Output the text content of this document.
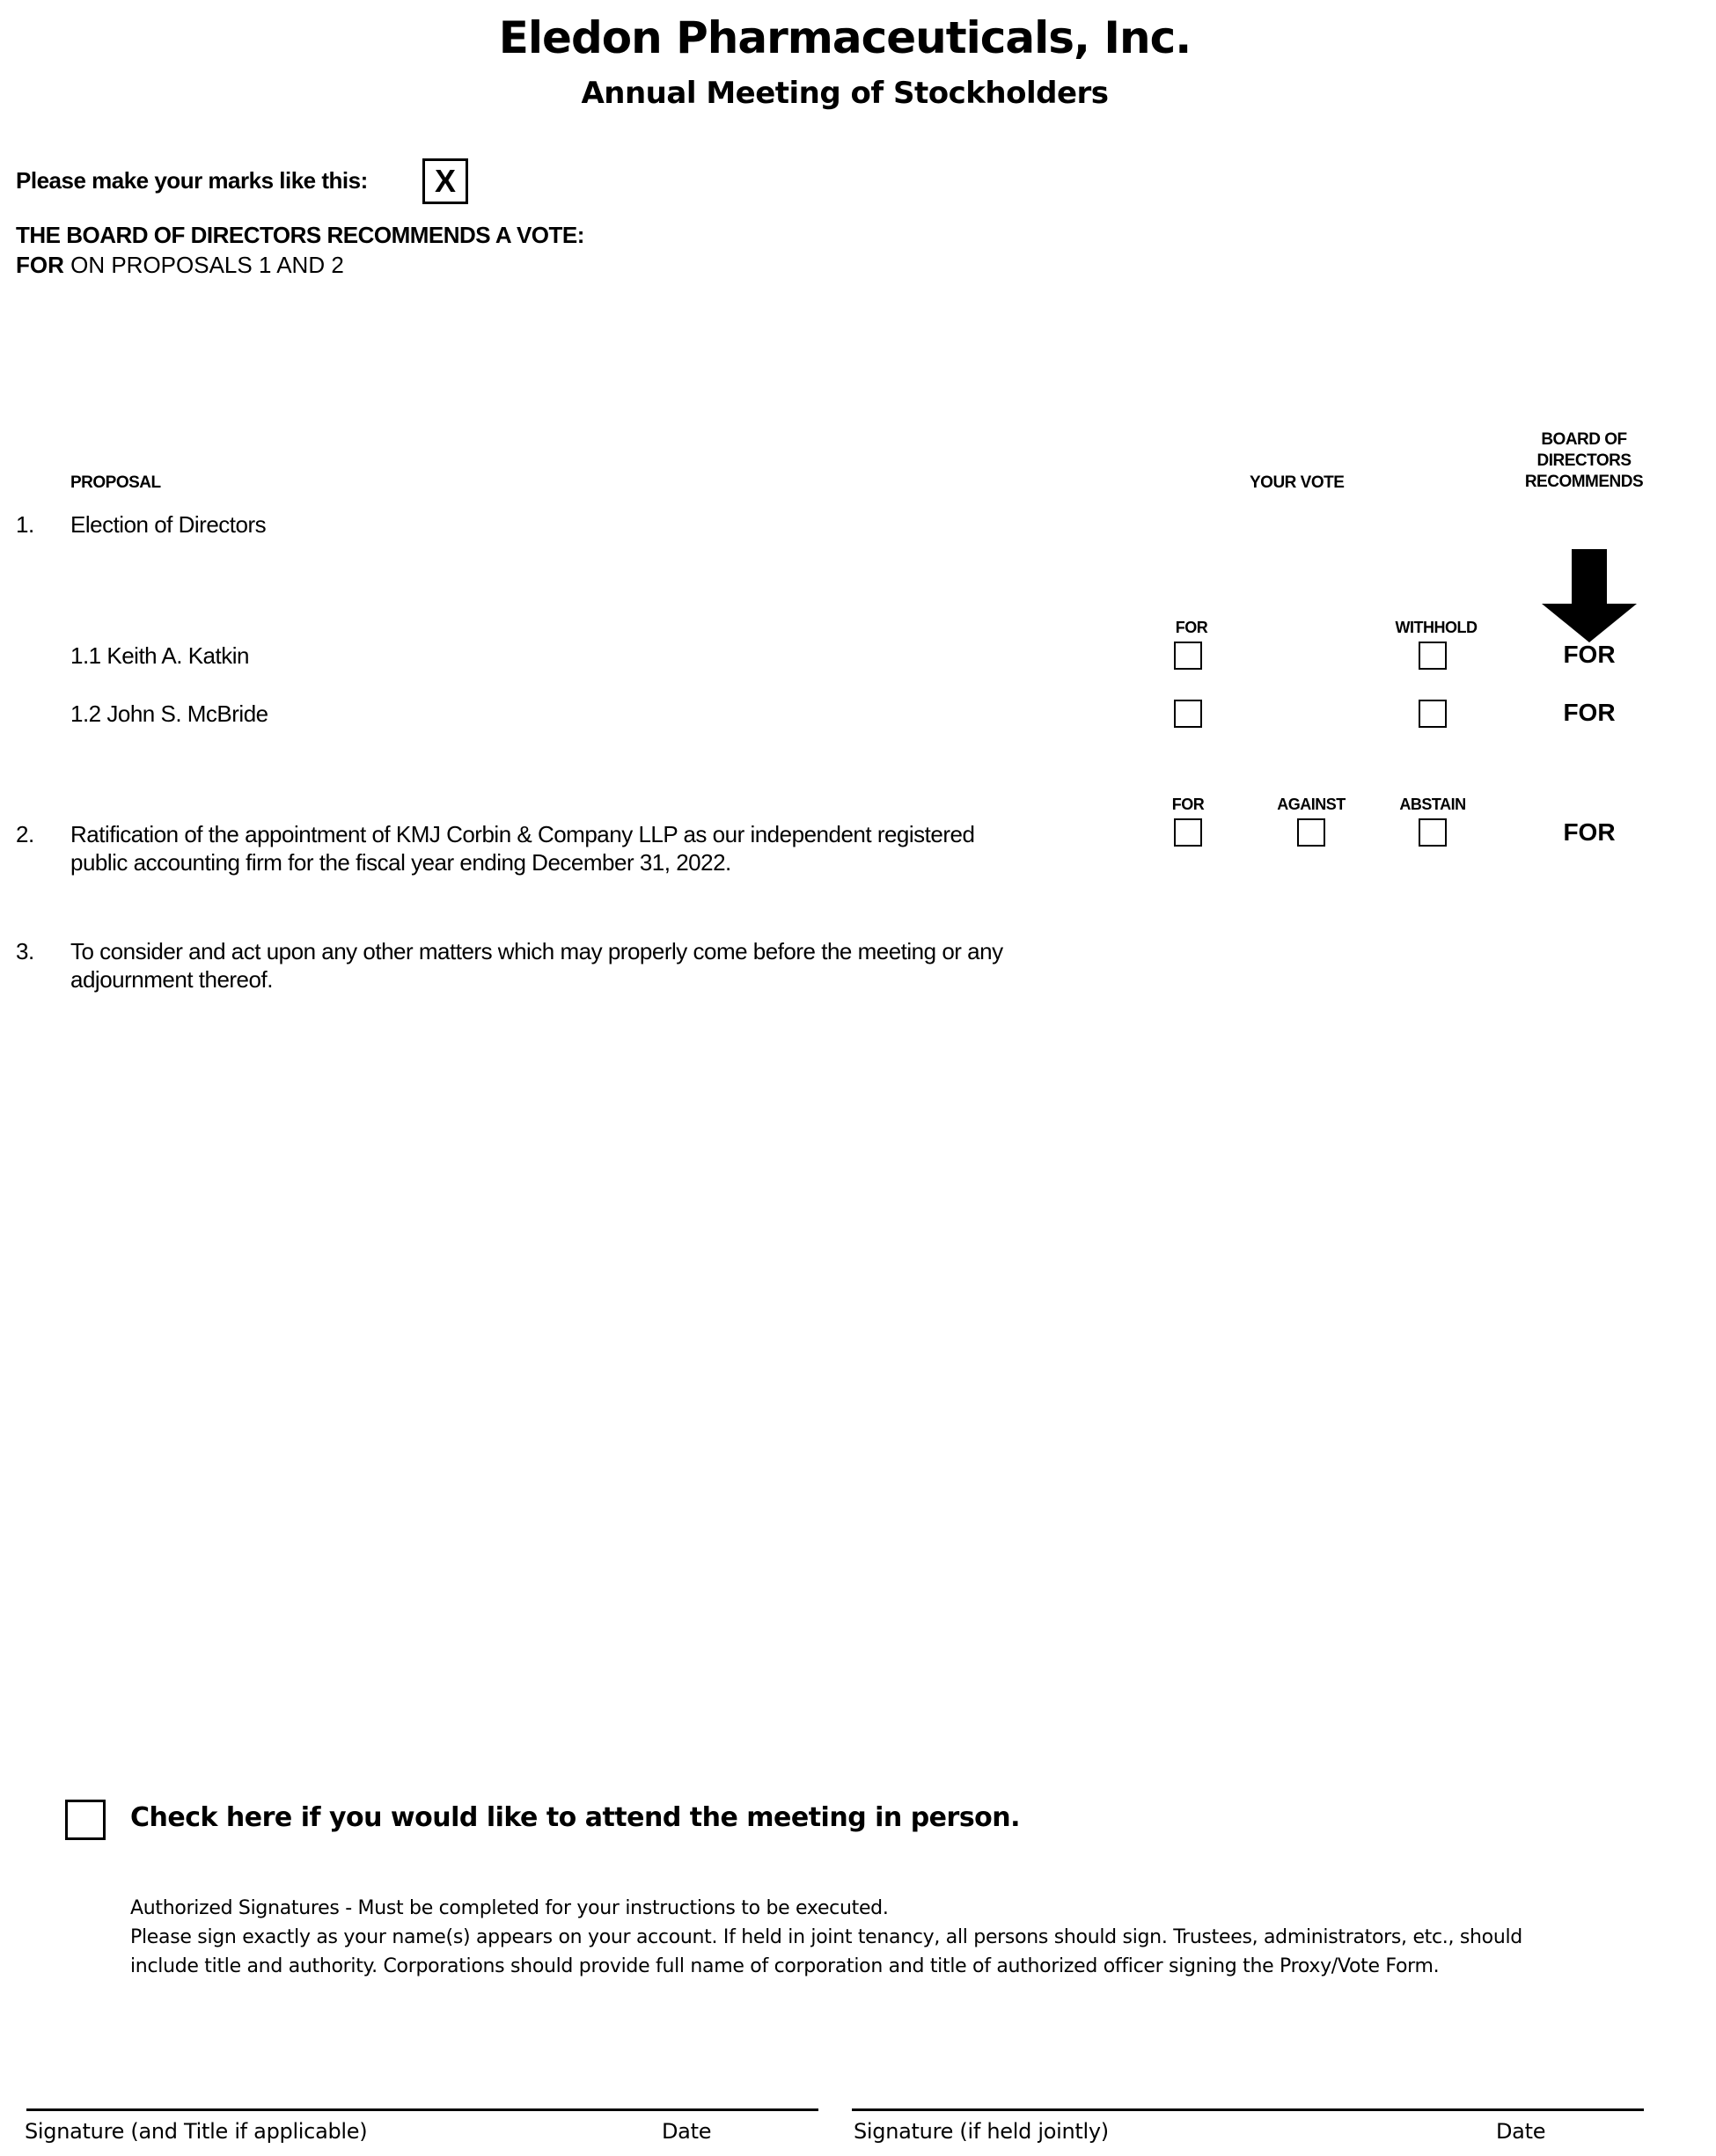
Eledon Pharmaceuticals, Inc.
Annual Meeting of Stockholders
Please make your marks like this: X
THE BOARD OF DIRECTORS RECOMMENDS A VOTE:
FOR ON PROPOSALS 1 AND 2
PROPOSAL	YOUR VOTE
BOARD OF
DIRECTORS
RECOMMENDS
1. Election of Directors
FOR	WITHHOLD
1.1 Keith A. Katkin	FOR
1.2 John S. McBride	FOR
FOR	AGAINST	ABSTAIN
2. Ratification of the appointment of KMJ Corbin & Company LLP as our independent registered
public accounting firm for the fiscal year ending December 31, 2022.
FOR
3. To consider and act upon any other matters which may properly come before the meeting or any
adjournment thereof.
Check here if you would like to attend the meeting in person.
Authorized Signatures - Must be completed for your instructions to be executed.
Please sign exactly as your name(s) appears on your account. If held in joint tenancy, all persons should sign. Trustees, administrators, etc., should include title and authority. Corporations should provide full name of corporation and title of authorized officer signing the Proxy/Vote Form.
Signature (and Title if applicable)	Date	Signature (if held jointly)	Date
